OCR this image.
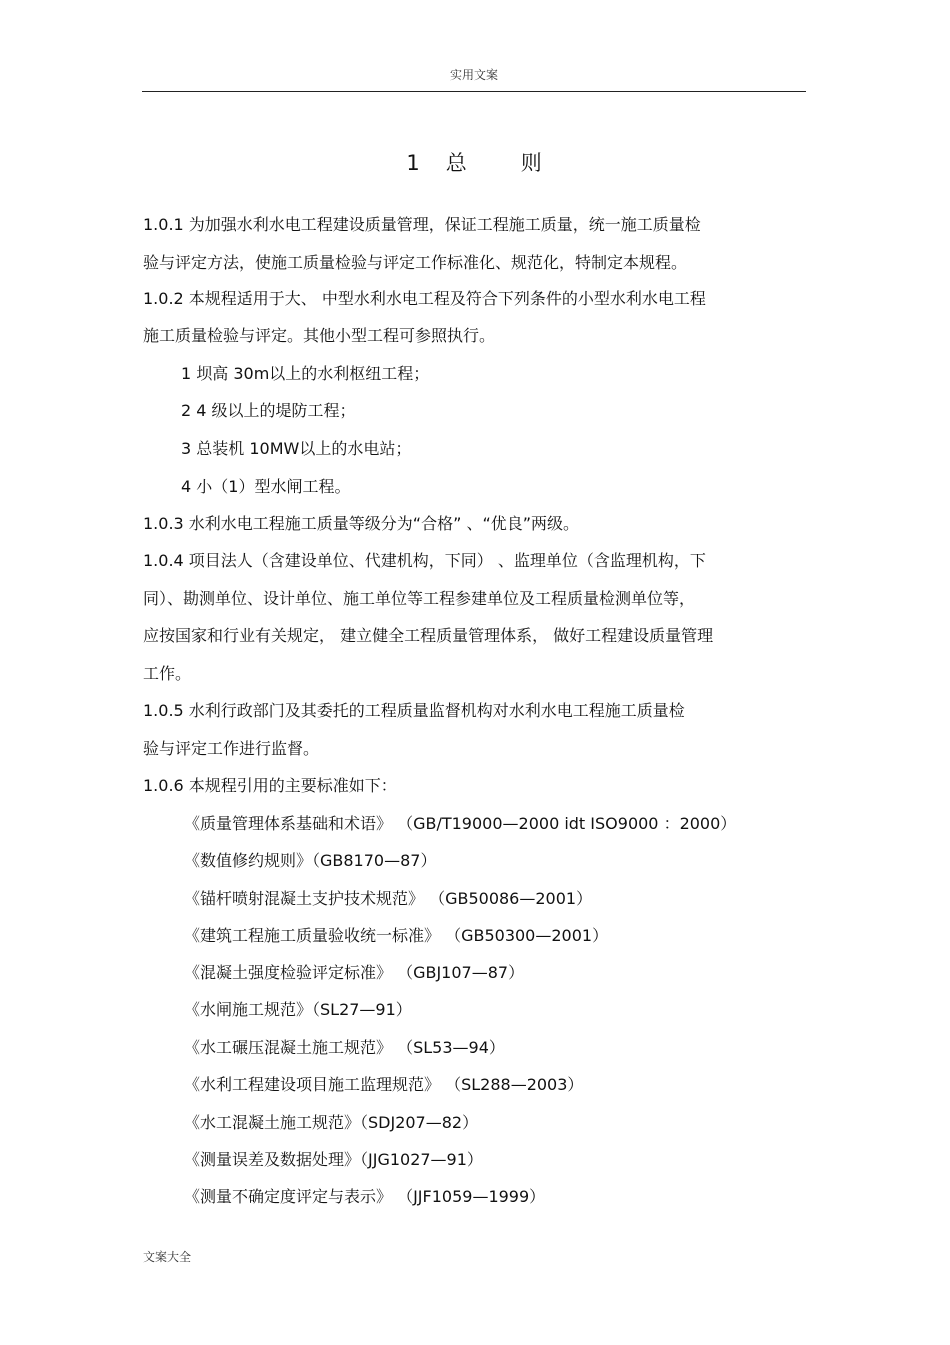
实用文案
1 总	则
1.0.1 为加强水利水电工程建设质量管理，保证工程施工质量，统一施工质量检
验与评定方法，使施工质量检验与评定工作标准化、规范化，特制定本规程。
1.0.2 本规程适用于大、 中型水利水电工程及符合下列条件的小型水利水电工程
施工质量检验与评定。其他小型工程可参照执行。
1 坝高 30m以上的水利枢纽工程；
2 4 级以上的堤防工程；
3 总装机 10MW以上的水电站；
4 小（1）型水闸工程。
1.0.3 水利水电工程施工质量等级分为“合格” 、“优良”两级。
1.0.4 项目法人（含建设单位、代建机构，下同） 、监理单位（含监理机构，下
同）、勘测单位、设计单位、施工单位等工程参建单位及工程质量检测单位等，
应按国家和行业有关规定， 建立健全工程质量管理体系， 做好工程建设质量管理
工作。
1.0.5 水利行政部门及其委托的工程质量监督机构对水利水电工程施工质量检
验与评定工作进行监督。
1.0.6 本规程引用的主要标准如下：
《质量管理体系基础和术语》 （GB/T19000—2000 idt ISO9000 ：2000）
《数值修约规则》（GB8170—87）
《锚杆喷射混凝土支护技术规范》 （GB50086—2001）
《建筑工程施工质量验收统一标准》 （GB50300—2001）
《混凝土强度检验评定标准》 （GBJ107—87）
《水闸施工规范》（SL27—91）
《水工碾压混凝土施工规范》 （SL53—94）
《水利工程建设项目施工监理规范》 （SL288—2003）
《水工混凝土施工规范》（SDJ207—82）
《测量误差及数据处理》（JJG1027—91）
《测量不确定度评定与表示》 （JJF1059—1999）
文案大全
